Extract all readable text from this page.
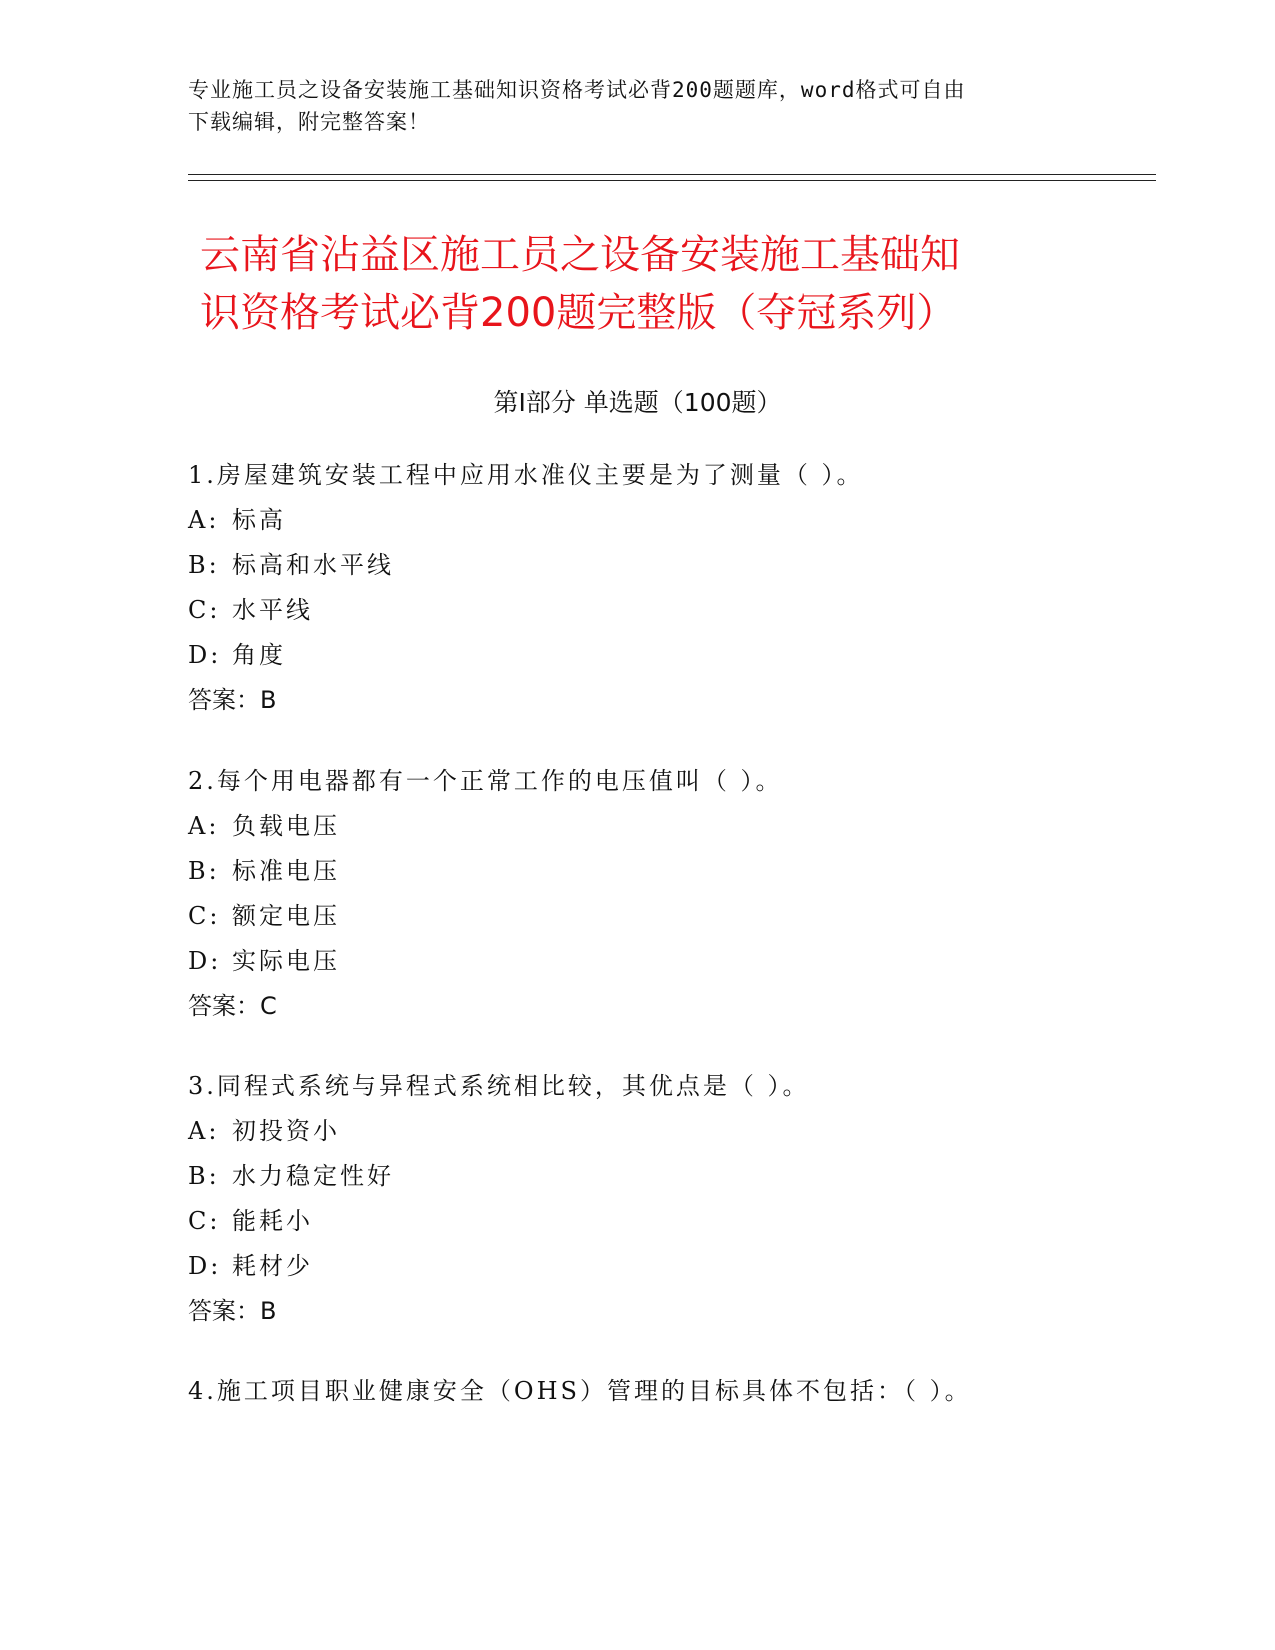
专业施工员之设备安装施工基础知识资格考试必背200题题库，word格式可自由
下载编辑，附完整答案！
云南省沾益区施工员之设备安装施工基础知
识资格考试必背200题完整版（夺冠系列）
第Ⅰ部分 单选题（100题）
1.房屋建筑安装工程中应用水准仪主要是为了测量（ ）。
A: 标高
B: 标高和水平线
C: 水平线
D: 角度
答案：B
2.每个用电器都有一个正常工作的电压值叫（ ）。
A: 负载电压
B: 标准电压
C: 额定电压
D: 实际电压
答案：C
3.同程式系统与异程式系统相比较，其优点是（ ）。
A: 初投资小
B: 水力稳定性好
C: 能耗小
D: 耗材少
答案：B
4.施工项目职业健康安全（OHS）管理的目标具体不包括：（ ）。
